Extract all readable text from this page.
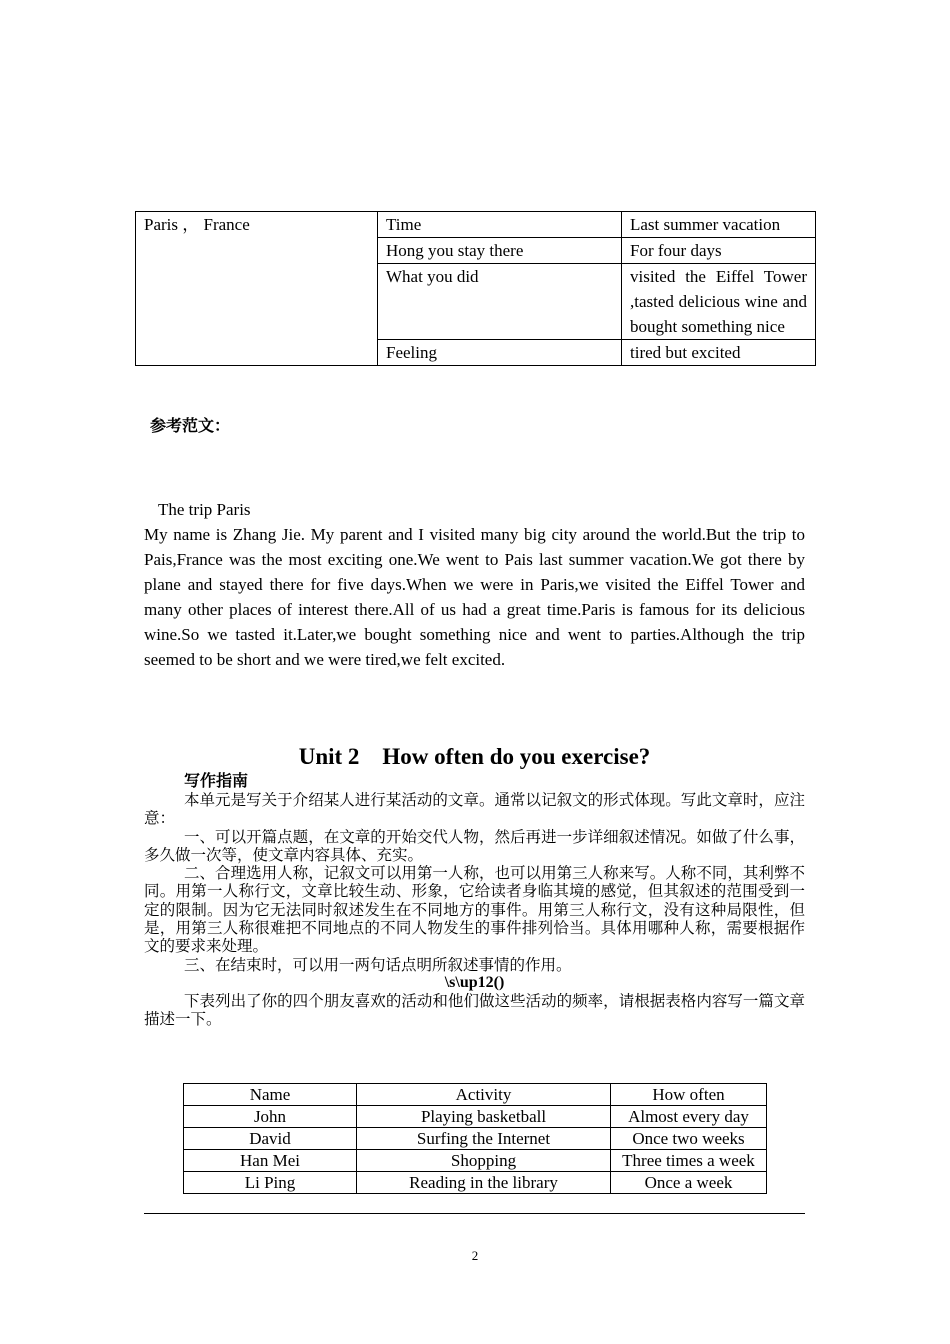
Paris ， France	Time	Last summer vacation
	Hong you stay there	For four days
	What you did	visited the Eiffel Tower ,tasted delicious wine and bought something nice
	Feeling	tired but excited
参考范文：

The trip Paris

My name is Zhang Jie. My parent and I visited many big city around the world.But the trip to Pais,France was the most exciting one.We went to Pais last summer vacation.We got there by plane and stayed there for five days.When we were in Paris,we visited the Eiffel Tower and many other places of interest there.All of us had a great time.Paris is famous for its delicious wine.So we tasted it.Later,we bought something nice and went to parties.Although the trip seemed to be short and we were tired,we felt excited.

Unit 2　How often do you exercise?
写作指南

本单元是写关于介绍某人进行某活动的文章。通常以记叙文的形式体现。写此文章时，应注意：

一、可以开篇点题，在文章的开始交代人物，然后再进一步详细叙述情况。如做了什么事，多久做一次等，使文章内容具体、充实。

二、合理选用人称，记叙文可以用第一人称，也可以用第三人称来写。人称不同，其利弊不同。用第一人称行文，文章比较生动、形象，它给读者身临其境的感觉，但其叙述的范围受到一定的限制。因为它无法同时叙述发生在不同地方的事件。用第三人称行文，没有这种局限性，但是，用第三人称很难把不同地点的不同人物发生的事件排列恰当。具体用哪种人称，需要根据作文的要求来处理。

三、在结束时，可以用一两句话点明所叙述事情的作用。

\s\up12()

下表列出了你的四个朋友喜欢的活动和他们做这些活动的频率，请根据表格内容写一篇文章描述一下。

Name	Activity	How often
John	Playing basketball	Almost every day
David	Surfing the Internet	Once two weeks
Han Mei	Shopping	Three times a week
Li Ping	Reading in the library	Once a week
2
